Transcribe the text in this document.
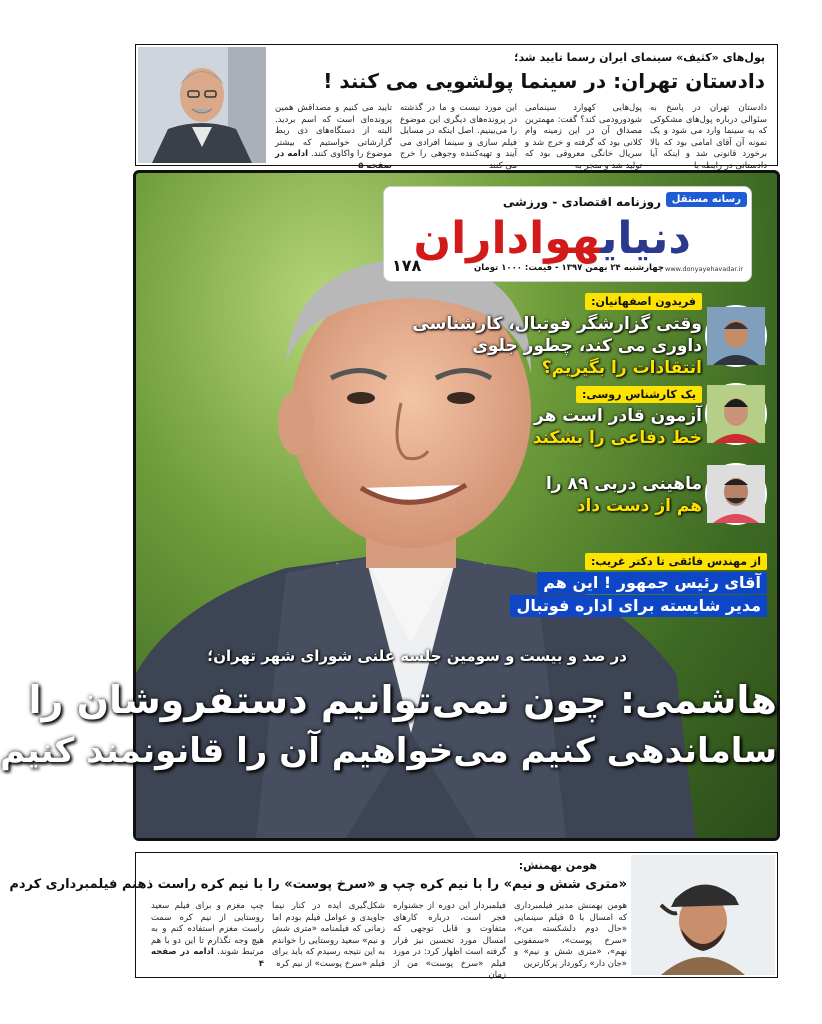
پول‌های «کثیف» سینمای ایران رسما تایید شد؛
دادستان تهران: در سینما پولشویی می کنند !
دادستان تهران در پاسخ به سئوالی درباره پول‌های مشکوکی که به سینما وارد می شود و یک نمونه آن آقای امامی بود که بالا برخورد قانونی شد و اینکه آیا دادستانی در رابطه با
پول‌هایی کهوارد سینمامی شودورودمی کند؟ گفت: مهمترین مصداق آن در این زمینه وام کلانی بود که گرفته و خرج شد و سریال خانگی معروفی بود که تولید شد و منجر به
این مورد نیست و ما در گذشته در پرونده‌های دیگری این موضوع را می‌بینیم. اصل اینکه در مسایل فیلم سازی و سینما افرادی می آیند و تهیه‌کننده وجوهی را خرج می کنند
تایید می کنیم و مصداقش همین پرونده‌ای است که اسم بردید. البته از دستگاه‌های ذی ربط گزارشاتی خواستیم که بیشتر موضوع را واکاوی کنند. ادامه در صفحه ۵
رسانه مستقل
روزنامه اقتصادی - ورزشی
دنیایهواداران
۱۷۸	چهارشنبه ۲۴ بهمن ۱۳۹۷ - قیمت: ۱۰۰۰ تومان www.donyayehavadar.ir
فریدون اصفهانیان:
وقتی گزارشگر فوتبال، کارشناسی
داوری می کند، چطور جلوی
انتقادات را بگیریم؟
یک کارشناس روسی:
آزمون قادر است هر
خط دفاعی را بشکند
ماهینی دربی ۸۹ را
هم از دست داد
از مهندس فائقی تا دکتر غریب:
آقای رئیس جمهور ! این هم
مدیر شایسته برای اداره فوتبال
در صد و بیست و سومین جلسه علنی شورای شهر تهران؛
هاشمی: چون نمی‌توانیم دستفروشان را
ساماندهی کنیم می‌خواهیم آن را قانونمند کنیم
هومن بهمنش:
«متری شش و نیم» را با نیم کره چپ و «سرخ پوست» را با نیم کره راست ذهنم فیلمبرداری کردم
هومن بهمنش مدیر فیلمبرداری که امسال با ۵ فیلم سینمایی «حال دوم دلشکسته من»، «سرخ پوست»، «سمفونی نهم»، «متری شش و نیم» و «جان دار» رکوردار پرکارترین
فیلمبردار این دوره از جشنواره فجر است، درباره کارهای متفاوت و قابل توجهی که امسال مورد تحسین نیز قرار گرفته است اظهار کرد: در مورد فیلم «سرخ پوست» من از زمان
شکل‌گیری ایده در کنار نیما جاویدی و عوامل فیلم بودم اما زمانی که فیلمنامه «متری شش و نیم» سعید روستایی را خواندم به این نتیجه رسیدم که باید برای فیلم «سرخ پوست» از نیم کره
چپ مغزم و برای فیلم سعید روستایی از نیم کره سمت راست مغزم استفاده کنم و به هیچ وجه نگذارم تا این دو با هم مرتبط شوند. ادامه در صفحه ۴
